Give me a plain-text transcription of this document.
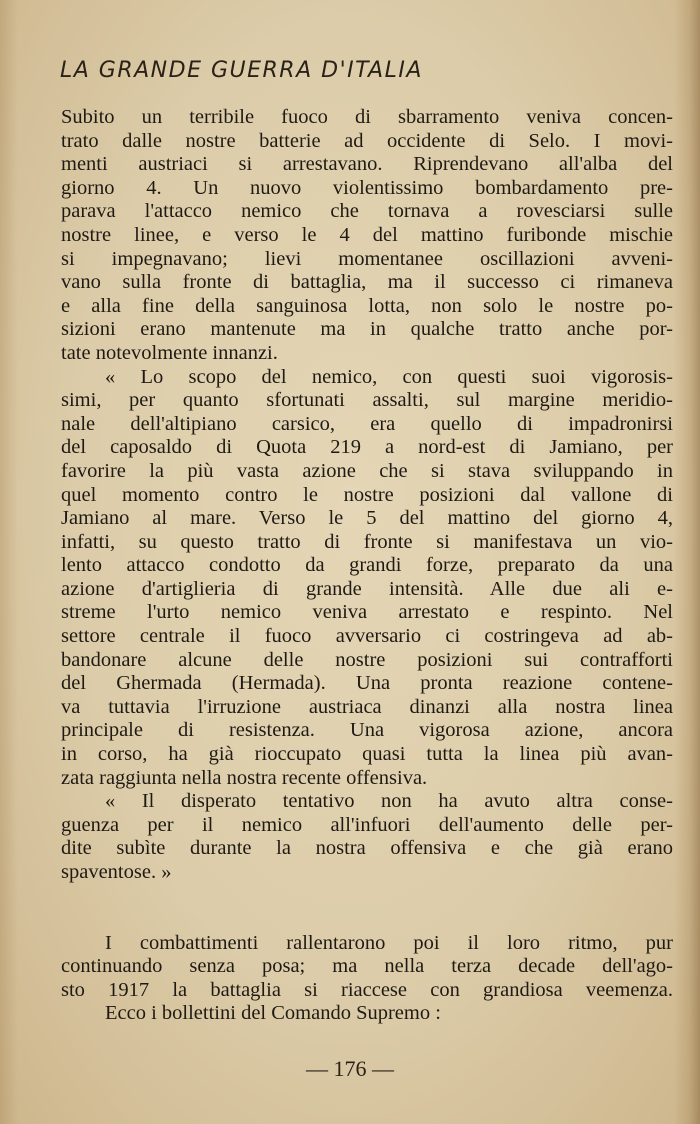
LA GRANDE GUERRA D'ITALIA

Subito un terribile fuoco di sbarramento veniva concen-
trato dalle nostre batterie ad occidente di Selo. I movi-
menti austriaci si arrestavano. Riprendevano all'alba del
giorno 4. Un nuovo violentissimo bombardamento pre-
parava l'attacco nemico che tornava a rovesciarsi sulle
nostre linee, e verso le 4 del mattino furibonde mischie
si impegnavano; lievi momentanee oscillazioni avveni-
vano sulla fronte di battaglia, ma il successo ci rimaneva
e alla fine della sanguinosa lotta, non solo le nostre po-
sizioni erano mantenute ma in qualche tratto anche por-
tate notevolmente innanzi.

« Lo scopo del nemico, con questi suoi vigorosis-
simi, per quanto sfortunati assalti, sul margine meridio-
nale dell'altipiano carsico, era quello di impadronirsi
del caposaldo di Quota 219 a nord-est di Jamiano, per
favorire la più vasta azione che si stava sviluppando in
quel momento contro le nostre posizioni dal vallone di
Jamiano al mare. Verso le 5 del mattino del giorno 4,
infatti, su questo tratto di fronte si manifestava un vio-
lento attacco condotto da grandi forze, preparato da una
azione d'artiglieria di grande intensità. Alle due ali e-
streme l'urto nemico veniva arrestato e respinto. Nel
settore centrale il fuoco avversario ci costringeva ad ab-
bandonare alcune delle nostre posizioni sui contrafforti
del Ghermada (Hermada). Una pronta reazione contene-
va tuttavia l'irruzione austriaca dinanzi alla nostra linea
principale di resistenza. Una vigorosa azione, ancora
in corso, ha già rioccupato quasi tutta la linea più avan-
zata raggiunta nella nostra recente offensiva.

« Il disperato tentativo non ha avuto altra conse-
guenza per il nemico all'infuori dell'aumento delle per-
dite subìte durante la nostra offensiva e che già erano
spaventose. »

I combattimenti rallentarono poi il loro ritmo, pur
continuando senza posa; ma nella terza decade dell'ago-
sto 1917 la battaglia si riaccese con grandiosa veemenza.

Ecco i bollettini del Comando Supremo :

— 176 —
